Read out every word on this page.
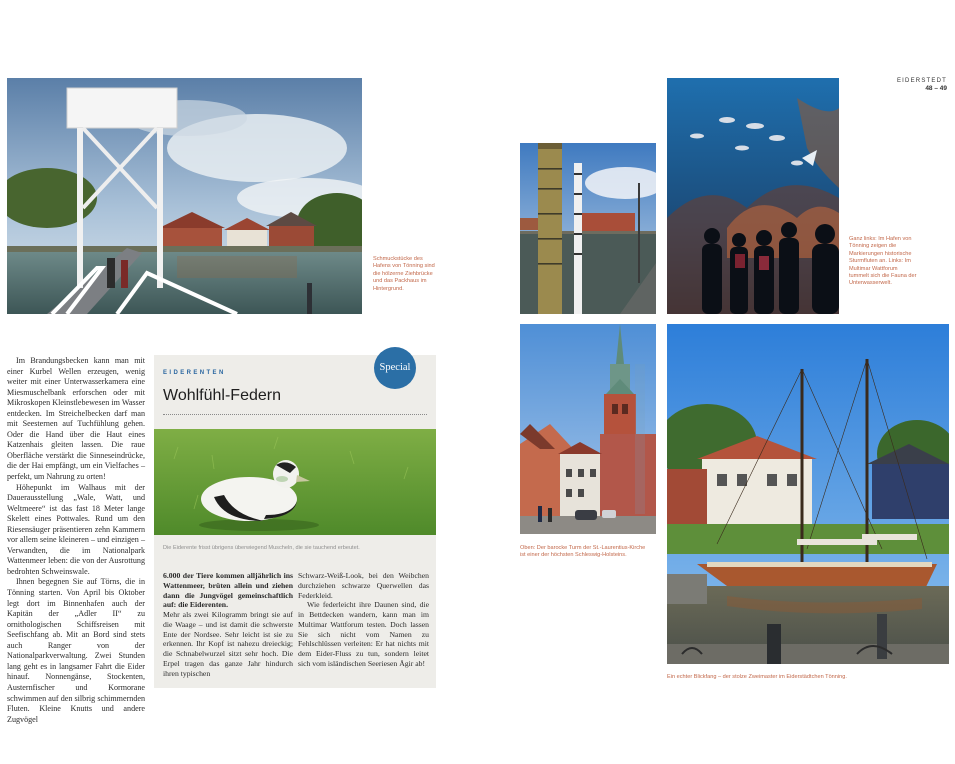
Schmuckstücke des Hafens von Tönning sind die hölzerne Ziehbrücke und das Packhaus im Hintergrund.

Im Brandungsbecken kann man mit einer Kurbel Wellen erzeugen, wenig weiter mit einer Unterwasserkamera eine Miesmuschelbank erforschen oder mit Mikroskopen Kleinstlebewesen im Wasser entdecken. Im Streichelbecken darf man mit Seesternen auf Tuchfühlung gehen. Oder die Hand über die Haut eines Katzenhais gleiten lassen. Die raue Oberfläche verstärkt die Sinneseindrücke, die der Hai empfängt, um ein Vielfaches – perfekt, um Nahrung zu orten!

Höhepunkt im Walhaus mit der Dauerausstellung „Wale, Watt, und Weltmeere“ ist das fast 18 Meter lange Skelett eines Pottwales. Rund um den Riesensäuger präsentieren zehn Kammern vor allem seine kleineren – und einzigen – Verwandten, die im Nationalpark Wattenmeer leben: die von der Ausrottung bedrohten Schweinswale.

Ihnen begegnen Sie auf Törns, die in Tönning starten. Von April bis Oktober legt dort im Binnenhafen auch der Kapitän der „Adler II“ zu ornithologischen Schiffsreisen mit Seefischfang ab. Mit an Bord sind stets auch Ranger von der Nationalparkverwaltung. Zwei Stunden lang geht es in langsamer Fahrt die Eider hinauf. Nonnengänse, Stockenten, Austernfischer und Kormorane schwimmen auf den silbrig schimmernden Fluten. Kleine Knutts und andere Zugvögel

Special
EIDERENTEN
Wohlfühl-Federn

Die Eiderente frisst übrigens überwiegend Muscheln, die sie tauchend erbeutet.

6.000 der Tiere kommen alljährlich ins Wattenmeer, brüten allein und ziehen dann die Jungvögel gemeinschaftlich auf: die Eiderenten.

Mehr als zwei Kilogramm bringt sie auf die Waage – und ist damit die schwerste Ente der Nordsee. Sehr leicht ist sie zu erkennen. Ihr Kopf ist nahezu dreieckig; die Schnabelwurzel sitzt sehr hoch. Die Erpel tragen das ganze Jahr hindurch ihren typischen

Schwarz-Weiß-Look, bei den Weibchen durchziehen schwarze Querwellen das Federkleid.

Wie federleicht ihre Daunen sind, die in Bettdecken wandern, kann man im Multimar Wattforum testen. Doch lassen Sie sich nicht vom Namen zu Fehlschlüssen verleiten: Er hat nichts mit dem Eider-Fluss zu tun, sondern leitet sich vom isländischen Seeriesen Ägir ab!

EIDERSTEDT
48 – 49

Ganz links: Im Hafen von Tönning zeigen die Markierungen historische Sturmfluten an. Links: Im Multimar Wattforum tummelt sich die Fauna der Unterwasserwelt.

Oben: Der barocke Turm der St.-Laurentius-Kirche ist einer der höchsten Schleswig-Holsteins.

Ein echter Blickfang – der stolze Zweimaster im Eiderstädtchen Tönning.
